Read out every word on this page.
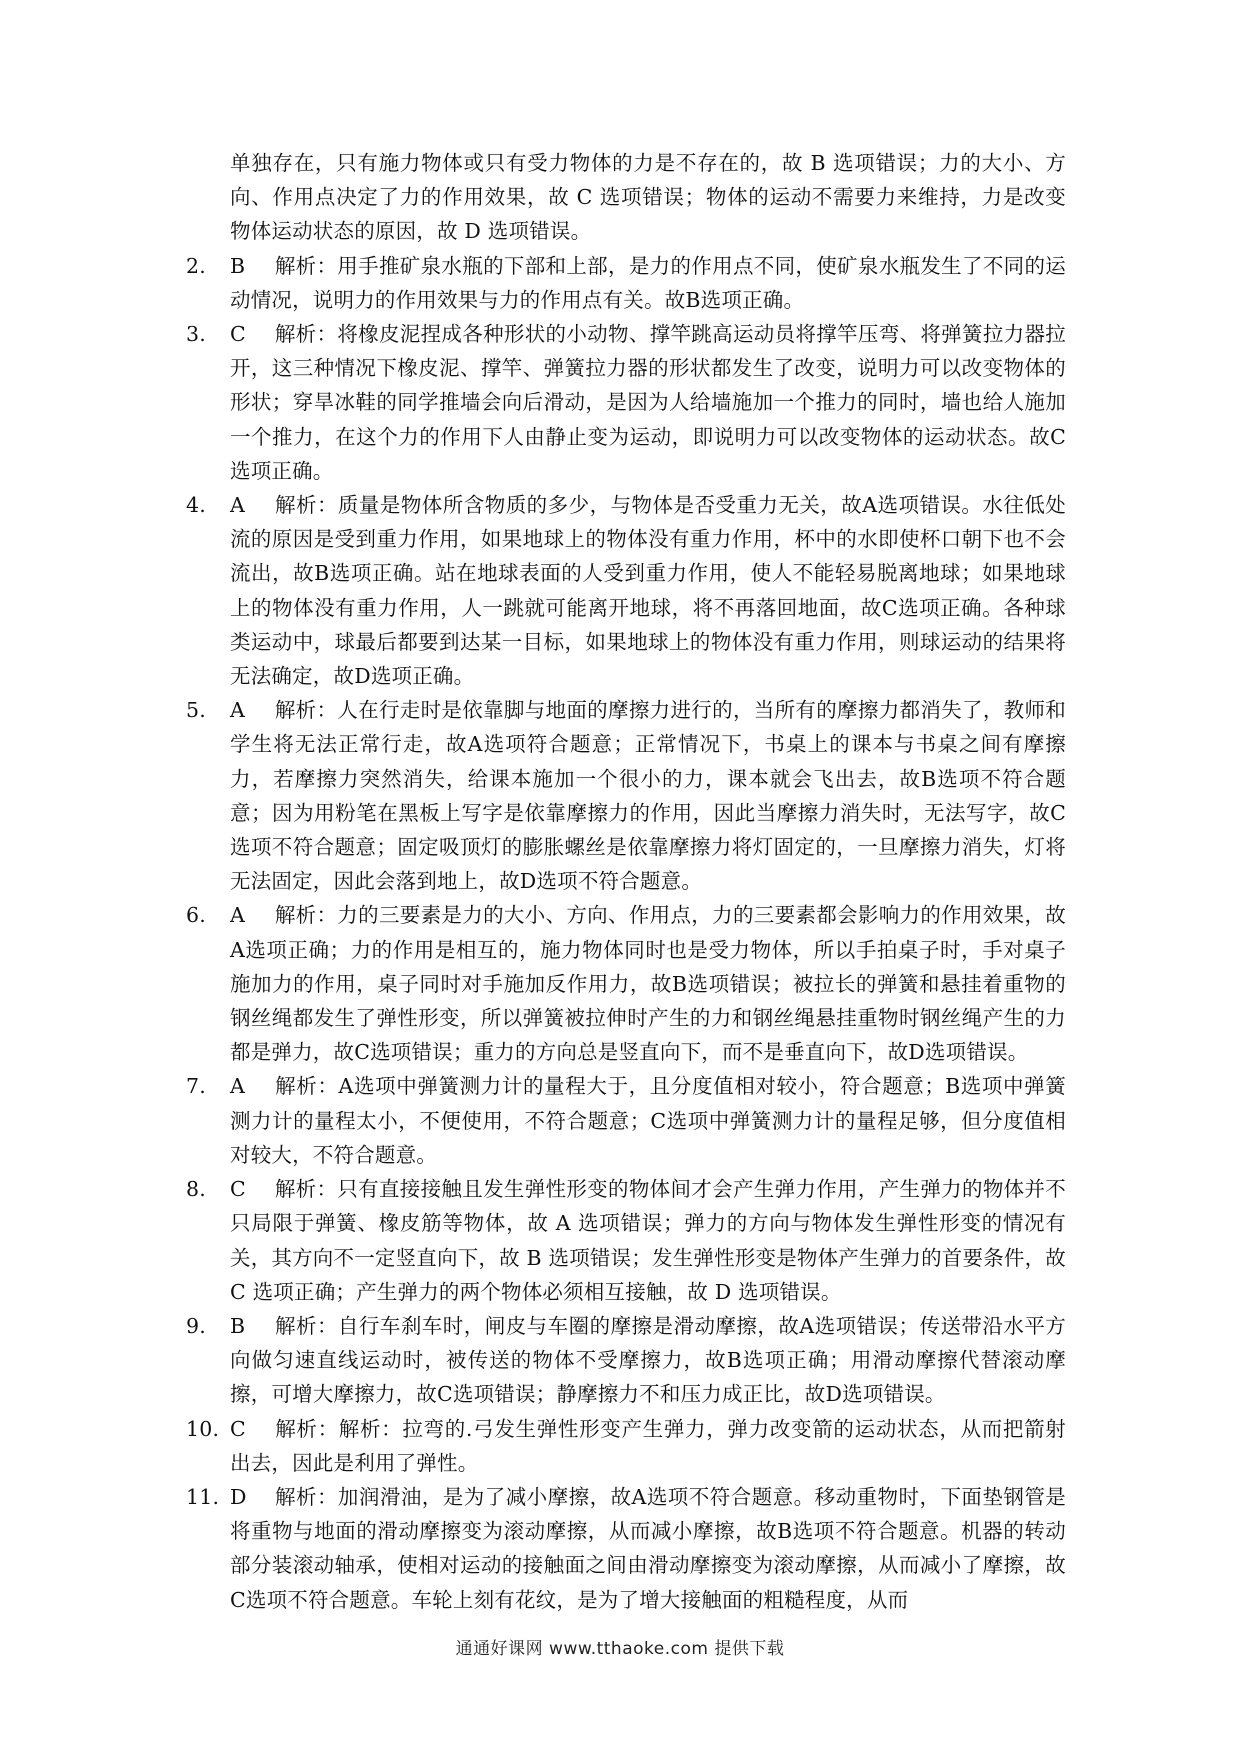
单独存在，只有施力物体或只有受力物体的力是不存在的，故 B 选项错误；力的大小、方向、作用点决定了力的作用效果，故 C 选项错误；物体的运动不需要力来维持，力是改变物体运动状态的原因，故 D 选项错误。
2.	B 解析：用手推矿泉水瓶的下部和上部，是力的作用点不同，使矿泉水瓶发生了不同的运动情况，说明力的作用效果与力的作用点有关。故B选项正确。
3.	C 解析：将橡皮泥捏成各种形状的小动物、撑竿跳高运动员将撑竿压弯、将弹簧拉力器拉开，这三种情况下橡皮泥、撑竿、弹簧拉力器的形状都发生了改变，说明力可以改变物体的形状；穿旱冰鞋的同学推墙会向后滑动，是因为人给墙施加一个推力的同时，墙也给人施加一个推力，在这个力的作用下人由静止变为运动，即说明力可以改变物体的运动状态。故C选项正确。
4.	A 解析：质量是物体所含物质的多少，与物体是否受重力无关，故A选项错误。水往低处流的原因是受到重力作用，如果地球上的物体没有重力作用，杯中的水即使杯口朝下也不会流出，故B选项正确。站在地球表面的人受到重力作用，使人不能轻易脱离地球；如果地球上的物体没有重力作用，人一跳就可能离开地球，将不再落回地面，故C选项正确。各种球类运动中，球最后都要到达某一目标，如果地球上的物体没有重力作用，则球运动的结果将无法确定，故D选项正确。
5.	A 解析：人在行走时是依靠脚与地面的摩擦力进行的，当所有的摩擦力都消失了，教师和学生将无法正常行走，故A选项符合题意；正常情况下，书桌上的课本与书桌之间有摩擦力，若摩擦力突然消失，给课本施加一个很小的力，课本就会飞出去，故B选项不符合题意；因为用粉笔在黑板上写字是依靠摩擦力的作用，因此当摩擦力消失时，无法写字，故C选项不符合题意；固定吸顶灯的膨胀螺丝是依靠摩擦力将灯固定的，一旦摩擦力消失，灯将无法固定，因此会落到地上，故D选项不符合题意。
6.	A 解析：力的三要素是力的大小、方向、作用点，力的三要素都会影响力的作用效果，故A选项正确；力的作用是相互的，施力物体同时也是受力物体，所以手拍桌子时，手对桌子施加力的作用，桌子同时对手施加反作用力，故B选项错误；被拉长的弹簧和悬挂着重物的钢丝绳都发生了弹性形变，所以弹簧被拉伸时产生的力和钢丝绳悬挂重物时钢丝绳产生的力都是弹力，故C选项错误；重力的方向总是竖直向下，而不是垂直向下，故D选项错误。
7.	A 解析：A选项中弹簧测力计的量程大于，且分度值相对较小，符合题意；B选项中弹簧测力计的量程太小，不便使用，不符合题意；C选项中弹簧测力计的量程足够，但分度值相对较大，不符合题意。
8.	C 解析：只有直接接触且发生弹性形变的物体间才会产生弹力作用，产生弹力的物体并不只局限于弹簧、橡皮筋等物体，故 A 选项错误；弹力的方向与物体发生弹性形变的情况有关，其方向不一定竖直向下，故 B 选项错误；发生弹性形变是物体产生弹力的首要条件，故 C 选项正确；产生弹力的两个物体必须相互接触，故 D 选项错误。
9.	B 解析：自行车刹车时，闸皮与车圈的摩擦是滑动摩擦，故A选项错误；传送带沿水平方向做匀速直线运动时，被传送的物体不受摩擦力，故B选项正确；用滑动摩擦代替滚动摩擦，可增大摩擦力，故C选项错误；静摩擦力不和压力成正比，故D选项错误。
10. C 解析：解析：拉弯的.弓发生弹性形变产生弹力，弹力改变箭的运动状态，从而把箭射出去，因此是利用了弹性。
11. D 解析：加润滑油，是为了减小摩擦，故A选项不符合题意。移动重物时，下面垫钢管是将重物与地面的滑动摩擦变为滚动摩擦，从而减小摩擦，故B选项不符合题意。机器的转动部分装滚动轴承，使相对运动的接触面之间由滑动摩擦变为滚动摩擦，从而减小了摩擦，故C选项不符合题意。车轮上刻有花纹，是为了增大接触面的粗糙程度，从而
通通好课网 www.tthaoke.com 提供下载
